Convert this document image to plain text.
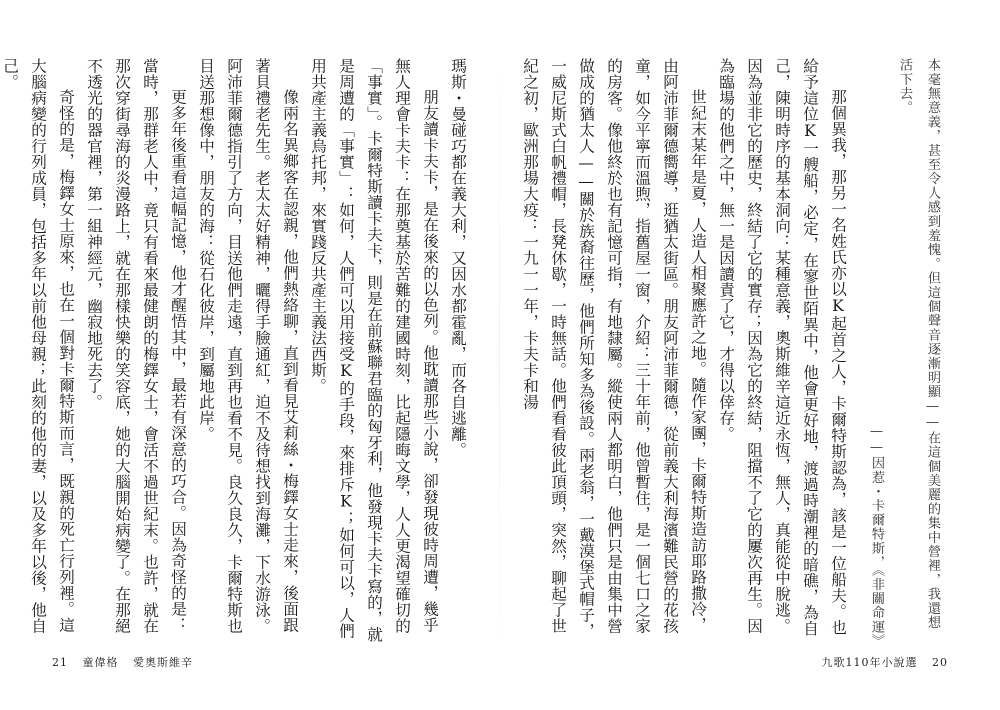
瑪斯・曼碰巧都在義大利，又因水都霍亂，而各自逃離。

朋友讀卡夫卡，是在後來的以色列。他耽讀那些小說，卻發現彼時周遭，幾乎無人理會卡夫卡：在那奠基於苦難的建國時刻，比起隱晦文學，人人更渴望確切的「事實」。卡爾特斯讀卡夫卡，則是在前蘇聯君臨的匈牙利，他發現卡夫卡寫的，就是周遭的「事實」：如何，人們可以用接受K的手段，來排斥K；如何可以，人們用共產主義烏托邦，來實踐反共產主義法西斯。

像兩名異鄉客在認親，他們熱絡聊，直到看見艾莉絲・梅鐸女士走來，後面跟著貝禮老先生。老太太好精神，曬得手臉通紅，迫不及待想找到海灘，下水游泳。阿沛菲爾德指引了方向，目送他們走遠，直到再也看不見。良久良久，卡爾特斯也目送那想像中，朋友的海：從石化彼岸，到屬地此岸。

更多年後重看這幅記憶，他才醒悟其中，最若有深意的巧合。因為奇怪的是：當時，那群老人中，竟只有看來最健朗的梅鐸女士，會活不過世紀末。也許，就在那次穿街尋海的炎漫路上，就在那樣快樂的笑容底，她的大腦開始病變了。在那絕不透光的器官裡，第一組神經元，幽寂地死去了。

奇怪的是，梅鐸女士原來，也在一個對卡爾特斯而言，既親的死亡行列裡。這大腦病變的行列成員，包括多年以前他母親；此刻的他的妻，以及多年以後，他自己。

21 童偉格 愛奧斯維辛

本毫無意義，甚至令人感到羞愧。但這個聲音逐漸明顯——在這個美麗的集中營裡，我還想

活下去。

——因惹・卡爾特斯，《非關命運》

那個異我，那另一名姓氏亦以K起首之人，卡爾特斯認為，該是一位船夫。也給予這位K一艘船，必定，在寥世陌異中，他會更好地，渡過時潮裡的暗礁，為自己，陳明時序的基本洞向：某種意義，奧斯維辛這近永恆，無人，真能從中脫逃。因為並非它的歷史，終結了它的實存；因為它的終結，阻擋不了它的屢次再生。因為臨場的他們之中，無一是因讀責了它，才得以倖存。

世紀末某年是夏，人造人相聚應許之地。隨作家團，卡爾特斯造訪耶路撒冷，由阿沛菲爾德嚮導，逛猶太街區。朋友阿沛菲爾德，從前義大利海濱難民營的花孩童，如今平寧而溫煦，指舊屋一窗，介紹：三十年前，他曾暫住，是一個七口之家的房客。像他終於也有記憶可指，有地隸屬。縱使兩人都明白，他們只是由集中營做成的猶太人——關於族裔往歷，他們所知多為後設。兩老翁，一戴漠堡式帽子，一威尼斯式白帆禮帽，長凳休歇，一時無話。他們看看彼此頂頭，突然，聊起了世紀之初，歐洲那場大疫：一九一一年，卡夫卡和湯

九歌110年小說選 20
